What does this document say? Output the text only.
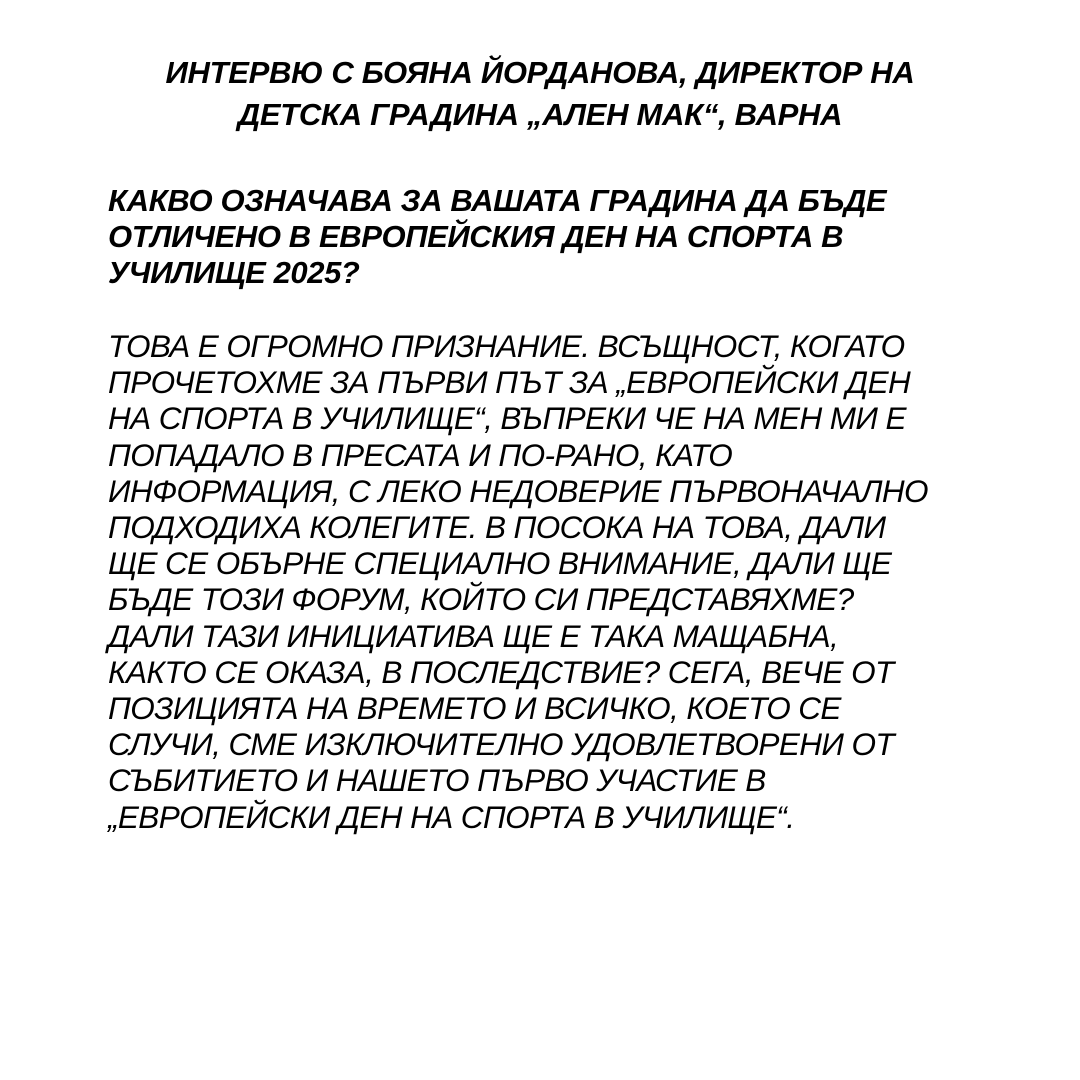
ИНТЕРВЮ С БОЯНА ЙОРДАНОВА, ДИРЕКТОР НА
ДЕТСКА ГРАДИНА „АЛЕН МАК“, ВАРНА
КАКВО ОЗНАЧАВА ЗА ВАШАТА ГРАДИНА ДА БЪДЕ
ОТЛИЧЕНО В ЕВРОПЕЙСКИЯ ДЕН НА СПОРТА В
УЧИЛИЩЕ 2025?
ТОВА Е ОГРОМНО ПРИЗНАНИЕ. ВСЪЩНОСТ, КОГАТО
ПРОЧЕТОХМЕ ЗА ПЪРВИ ПЪТ ЗА „ЕВРОПЕЙСКИ ДЕН
НА СПОРТА В УЧИЛИЩЕ“, ВЪПРЕКИ ЧЕ НА МЕН МИ Е
ПОПАДАЛО В ПРЕСАТА И ПО-РАНО, КАТО
ИНФОРМАЦИЯ, С ЛЕКО НЕДОВЕРИЕ ПЪРВОНАЧАЛНО
ПОДХОДИХА КОЛЕГИТЕ. В ПОСОКА НА ТОВА, ДАЛИ
ЩЕ СЕ ОБЪРНЕ СПЕЦИАЛНО ВНИМАНИЕ, ДАЛИ ЩЕ
БЪДЕ ТОЗИ ФОРУМ, КОЙТО СИ ПРЕДСТАВЯХМЕ?
ДАЛИ ТАЗИ ИНИЦИАТИВА ЩЕ Е ТАКА МАЩАБНА,
КАКТО СЕ ОКАЗА, В ПОСЛЕДСТВИЕ? СЕГА, ВЕЧЕ ОТ
ПОЗИЦИЯТА НА ВРЕМЕТО И ВСИЧКО, КОЕТО СЕ
СЛУЧИ, СМЕ ИЗКЛЮЧИТЕЛНО УДОВЛЕТВОРЕНИ ОТ
СЪБИТИЕТО И НАШЕТО ПЪРВО УЧАСТИЕ В
„ЕВРОПЕЙСКИ ДЕН НА СПОРТА В УЧИЛИЩЕ“.
